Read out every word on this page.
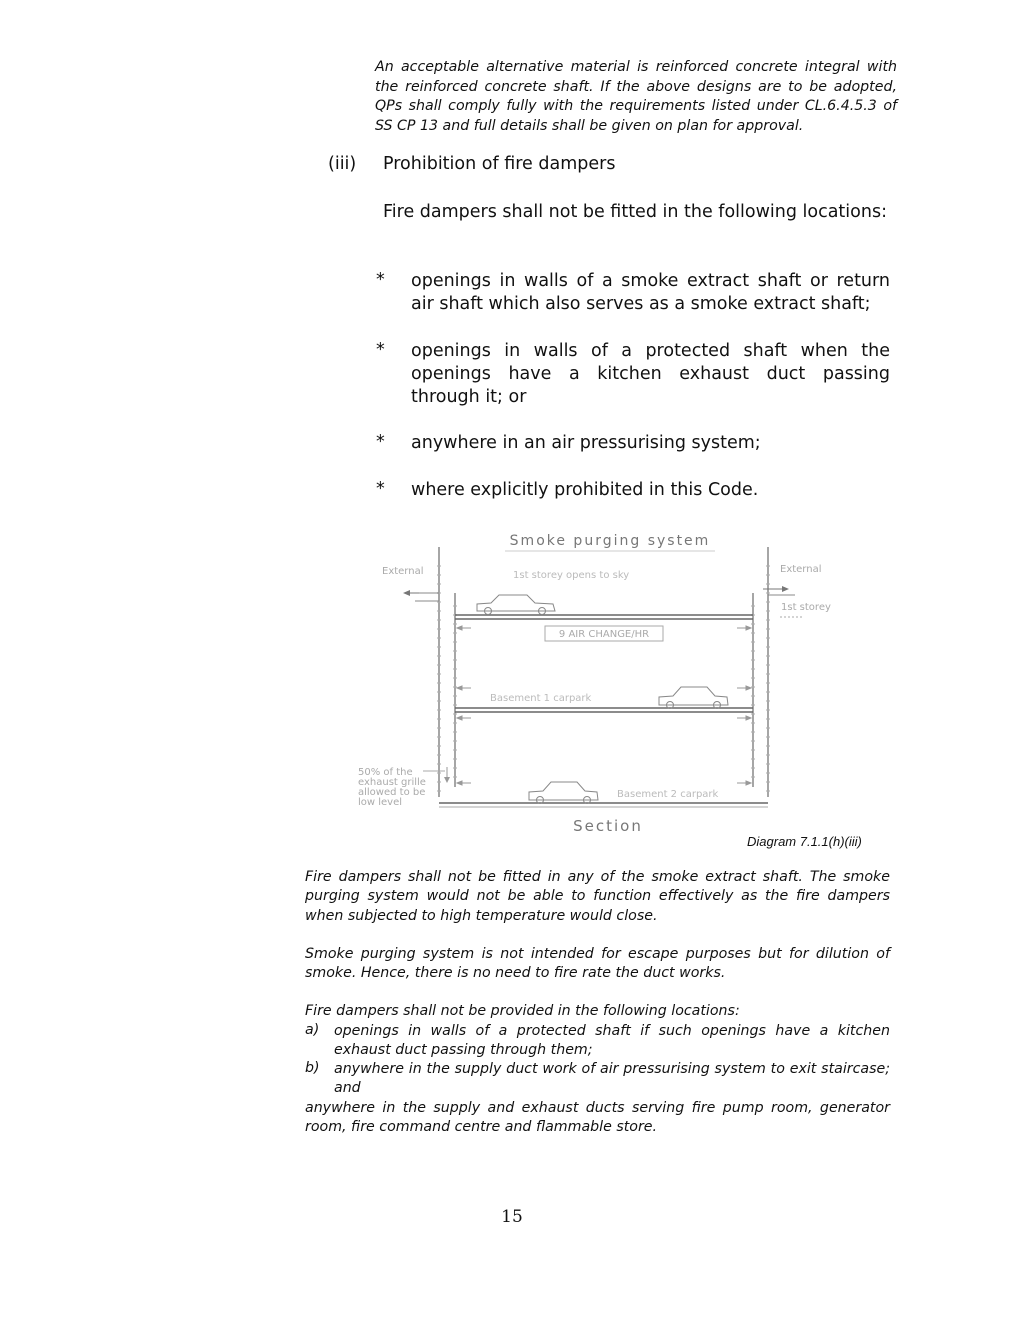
An acceptable alternative material is reinforced concrete integral with the reinforced concrete shaft. If the above designs are to be adopted, QPs shall comply fully with the requirements listed under CL.6.4.5.3 of SS CP 13 and full details shall be given on plan for approval.
(iii) Prohibition of fire dampers
Fire dampers shall not be fitted in the following locations:
* openings in walls of a smoke extract shaft or return air shaft which also serves as a smoke extract shaft;
* openings in walls of a protected shaft when the openings have a kitchen exhaust duct passing through it; or
* anywhere in an air pressurising system;
* where explicitly prohibited in this Code.
Smoke purging system
External	1st storey opens to sky
External
1st storey
9 AIR CHANGE/HR
Basement 1 carpark
Basement 2 carpark
50% of the
exhaust grille
allowed to be
low level
Section
Diagram 7.1.1(h)(iii)
Fire dampers shall not be fitted in any of the smoke extract shaft. The smoke purging system would not be able to function effectively as the fire dampers when subjected to high temperature would close.
Smoke purging system is not intended for escape purposes but for dilution of smoke. Hence, there is no need to fire rate the duct works.
Fire dampers shall not be provided in the following locations:
a) openings in walls of a protected shaft if such openings have a kitchen exhaust duct passing through them;
b) anywhere in the supply duct work of air pressurising system to exit staircase; and
anywhere in the supply and exhaust ducts serving fire pump room, generator room, fire command centre and flammable store.
15
